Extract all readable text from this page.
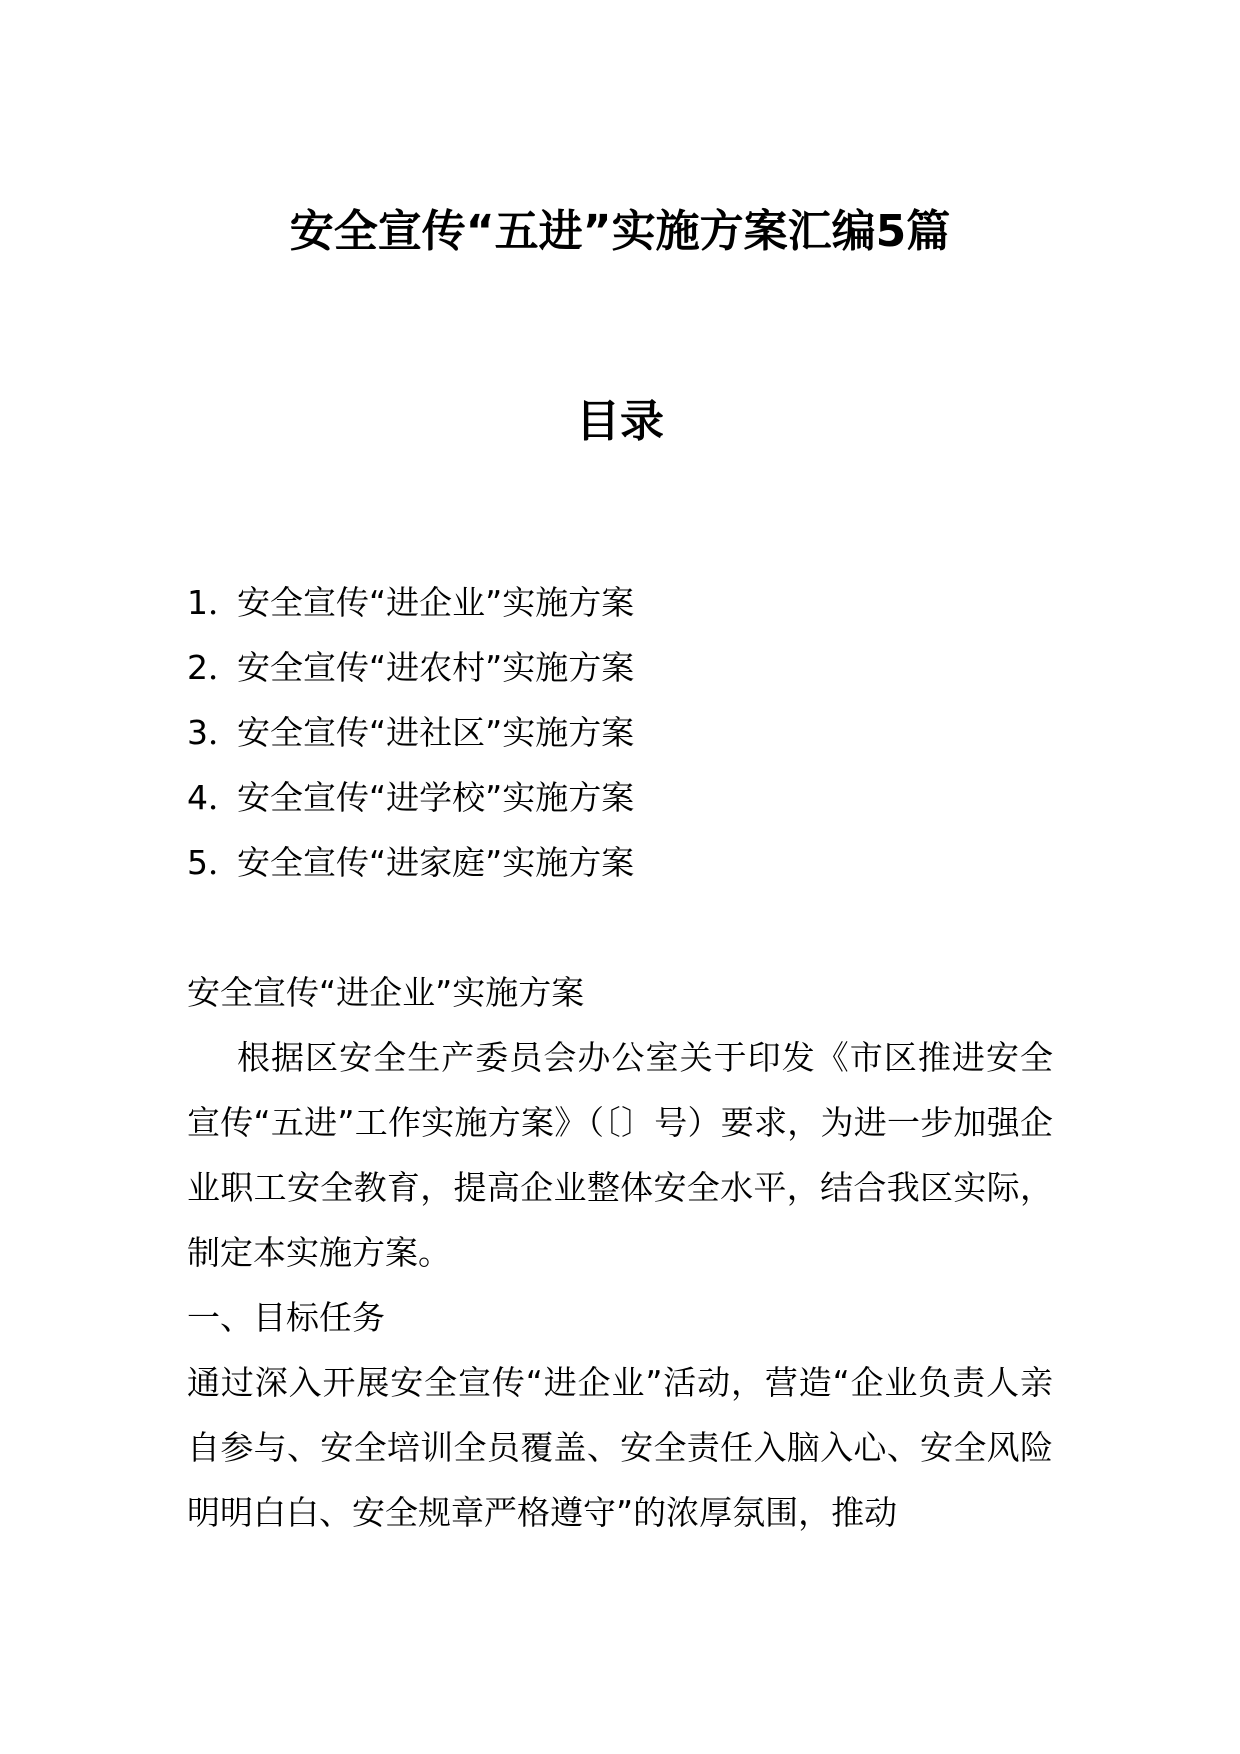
安全宣传“五进”实施方案汇编5篇
目录
1．安全宣传“进企业”实施方案
2．安全宣传“进农村”实施方案
3．安全宣传“进社区”实施方案
4．安全宣传“进学校”实施方案
5．安全宣传“进家庭”实施方案

安全宣传“进企业”实施方案

根据区安全生产委员会办公室关于印发《市区推进安全宣传“五进”工作实施方案》（〔〕号）要求，为进一步加强企业职工安全教育，提高企业整体安全水平，结合我区实际，制定本实施方案。

一、目标任务

通过深入开展安全宣传“进企业”活动，营造“企业负责人亲自参与、安全培训全员覆盖、安全责任入脑入心、安全风险明明白白、安全规章严格遵守”的浓厚氛围，推动
